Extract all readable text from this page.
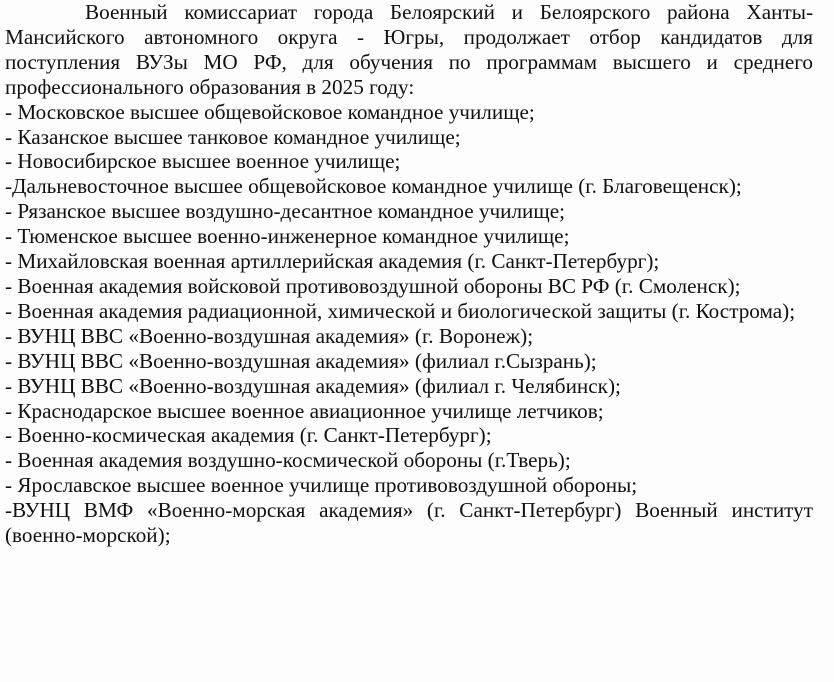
Военный комиссариат города Белоярский и Белоярского района Ханты-Мансийского автономного округа - Югры, продолжает отбор кандидатов для поступления ВУЗы МО РФ, для обучения по программам высшего и среднего профессионального образования в 2025 году:

- Московское высшее общевойсковое командное училище;

- Казанское высшее танковое командное училище;

- Новосибирское высшее военное училище;

-Дальневосточное высшее общевойсковое командное училище (г. Благовещенск);

- Рязанское высшее воздушно-десантное командное училище;

- Тюменское высшее военно-инженерное командное училище;

- Михайловская военная артиллерийская академия (г. Санкт-Петербург);

- Военная академия войсковой противовоздушной обороны ВС РФ (г. Смоленск);

- Военная академия радиационной, химической и биологической защиты (г. Кострома);

- ВУНЦ ВВС «Военно-воздушная академия» (г. Воронеж);

- ВУНЦ ВВС «Военно-воздушная академия» (филиал г.Сызрань);

- ВУНЦ ВВС «Военно-воздушная академия» (филиал г. Челябинск);

- Краснодарское высшее военное авиационное училище летчиков;

- Военно-космическая академия (г. Санкт-Петербург);

- Военная академия воздушно-космической обороны (г.Тверь);

- Ярославское высшее военное училище противовоздушной обороны;

-ВУНЦ ВМФ «Военно-морская академия» (г. Санкт-Петербург) Военный институт (военно-морской);
